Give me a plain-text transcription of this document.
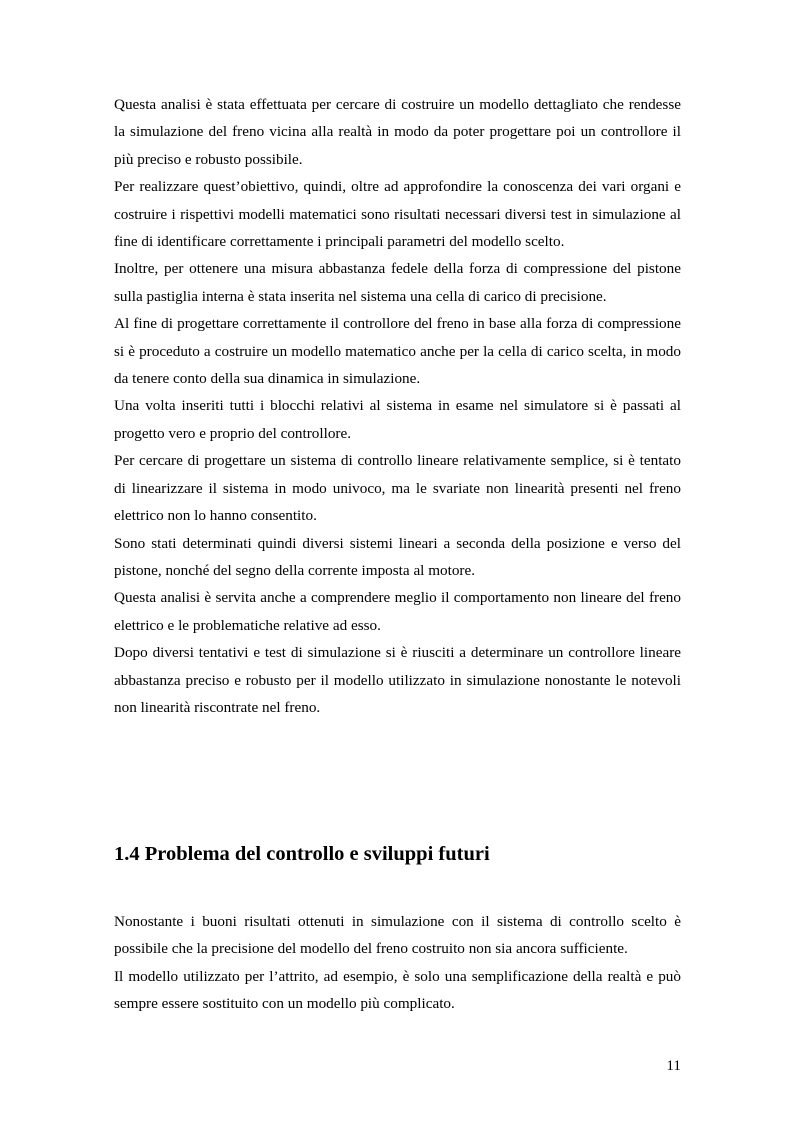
Questa analisi è stata effettuata per cercare di costruire un modello dettagliato che rendesse la simulazione del freno vicina alla realtà in modo da poter progettare poi un controllore il più preciso e robusto possibile.

Per realizzare quest’obiettivo, quindi, oltre ad approfondire la conoscenza dei vari organi e costruire i rispettivi modelli matematici sono risultati necessari diversi test in simulazione al fine di identificare correttamente i principali parametri del modello scelto.

Inoltre, per ottenere una misura abbastanza fedele della forza di compressione del pistone sulla pastiglia interna è stata inserita nel sistema una cella di carico di precisione.

Al fine di progettare correttamente il controllore del freno in base alla forza di compressione si è proceduto a costruire un modello matematico anche per la cella di carico scelta, in modo da tenere conto della sua dinamica in simulazione.

Una volta inseriti tutti i blocchi relativi al sistema in esame nel simulatore si è passati al progetto vero e proprio del controllore.

Per cercare di progettare un sistema di controllo lineare relativamente semplice, si è tentato di linearizzare il sistema in modo univoco, ma le svariate non linearità presenti nel freno elettrico non lo hanno consentito.

Sono stati determinati quindi diversi sistemi lineari a seconda della posizione e verso del pistone, nonché del segno della corrente imposta al motore.

Questa analisi è servita anche a comprendere meglio il comportamento non lineare del freno elettrico e le problematiche relative ad esso.

Dopo diversi tentativi e test di simulazione si è riusciti a determinare un controllore lineare abbastanza preciso e robusto per il modello utilizzato in simulazione nonostante le notevoli non linearità riscontrate nel freno.

1.4 Problema del controllo e sviluppi futuri

Nonostante i buoni risultati ottenuti in simulazione con il sistema di controllo scelto è possibile che la precisione del modello del freno costruito non sia ancora sufficiente.

Il modello utilizzato per l’attrito, ad esempio, è solo una semplificazione della realtà e può sempre essere sostituito con un modello più complicato.

11
